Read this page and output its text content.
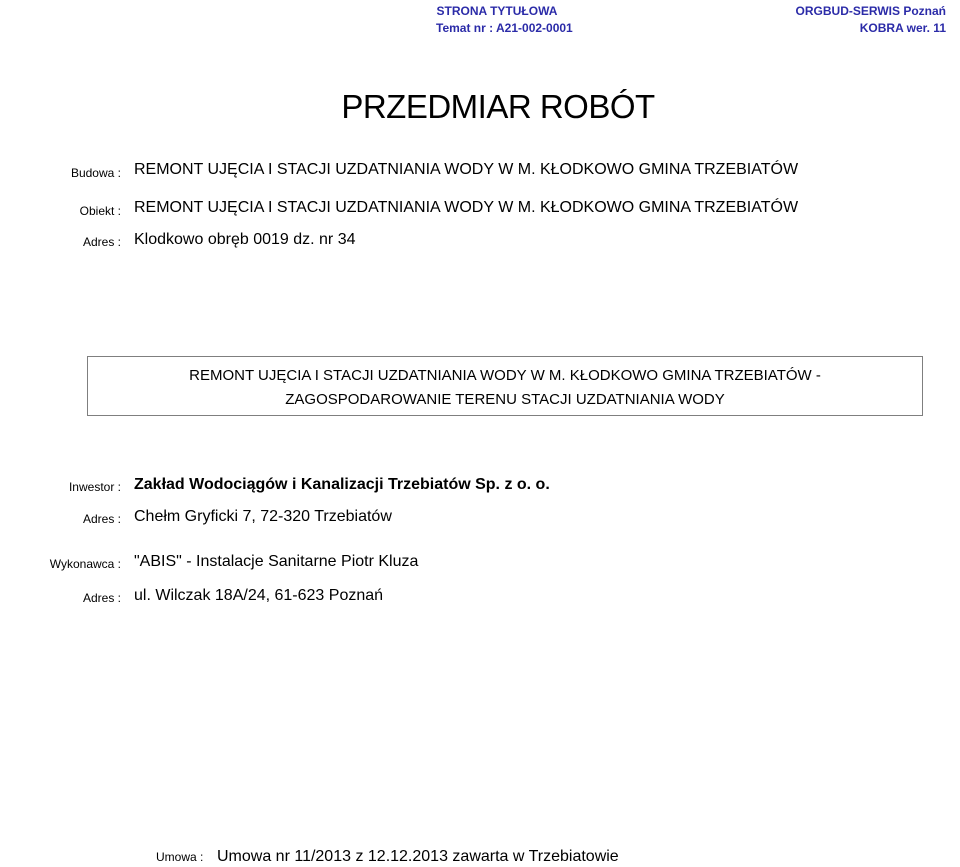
STRONA TYTUŁOWA
Temat nr : A21-002-0001
ORGBUD-SERWIS Poznań
KOBRA wer. 11
PRZEDMIAR ROBÓT
Budowa : REMONT UJĘCIA I STACJI UZDATNIANIA WODY W M. KŁODKOWO GMINA TRZEBIATÓW
Obiekt : REMONT UJĘCIA I STACJI UZDATNIANIA WODY W M. KŁODKOWO GMINA TRZEBIATÓW
Adres : Klodkowo obręb 0019 dz. nr 34
REMONT UJĘCIA I STACJI UZDATNIANIA WODY W M. KŁODKOWO GMINA TRZEBIATÓW -
ZAGOSPODAROWANIE TERENU STACJI UZDATNIANIA WODY
Inwestor : Zakład Wodociągów i Kanalizacji Trzebiatów Sp. z o. o.
Adres : Chełm Gryficki 7, 72-320 Trzebiatów
Wykonawca : "ABIS" - Instalacje Sanitarne Piotr Kluza
Adres : ul. Wilczak 18A/24, 61-623 Poznań
Umowa : Umowa nr 11/2013 z 12.12.2013 zawarta w Trzebiatowie
